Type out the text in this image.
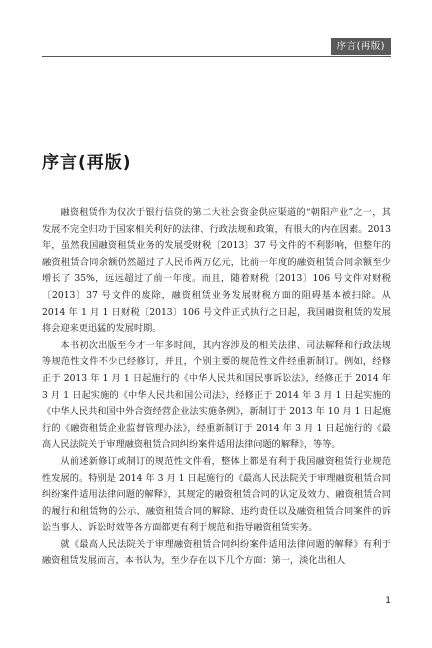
序言(再版)
序言(再版)

融资租赁作为仅次于银行信贷的第二大社会资金供应渠道的“朝阳产业”之一，其发展不完全归功于国家相关利好的法律、行政法规和政策，有很大的内在因素。2013 年，虽然我国融资租赁业务的发展受财税〔2013〕37 号文件的不利影响，但整年的融资租赁合同余额仍然超过了人民币两万亿元，比前一年度的融资租赁合同余额至少增长了 35%，远远超过了前一年度。而且，随着财税〔2013〕106 号文件对财税〔2013〕37 号文件的废除，融资租赁业务发展财税方面的阻碍基本被扫除。从 2014 年 1 月 1 日财税〔2013〕106 号文件正式执行之日起，我国融资租赁的发展将会迎来更迅猛的发展时期。

本书初次出版至今才一年多时间，其内容涉及的相关法律、司法解释和行政法规等规范性文件不少已经修订，并且，个别主要的规范性文件经重新制订。例如，经修正于 2013 年 1 月 1 日起施行的《中华人民共和国民事诉讼法》，经修正于 2014 年 3 月 1 日起实施的《中华人民共和国公司法》，经修正于 2014 年 3 月 1 日起实施的《中华人民共和国中外合资经营企业法实施条例》，新制订于 2013 年 10 月 1 日起施行的《融资租赁企业监督管理办法》，经重新制订于 2014 年 3 月 1 日起施行的《最高人民法院关于审理融资租赁合同纠纷案件适用法律问题的解释》，等等。

从前述新修订或制订的规范性文件看，整体上都是有利于我国融资租赁行业规范性发展的。特别是 2014 年 3 月 1 日起施行的《最高人民法院关于审理融资租赁合同纠纷案件适用法律问题的解释》，其规定的融资租赁合同的认定及效力、融资租赁合同的履行和租赁物的公示、融资租赁合同的解除、违约责任以及融资租赁合同案件的诉讼当事人、诉讼时效等各方面都更有利于规范和指导融资租赁实务。

就《最高人民法院关于审理融资租赁合同纠纷案件适用法律问题的解释》有利于融资租赁发展而言，本书认为，至少存在以下几个方面：第一，淡化出租人

1
